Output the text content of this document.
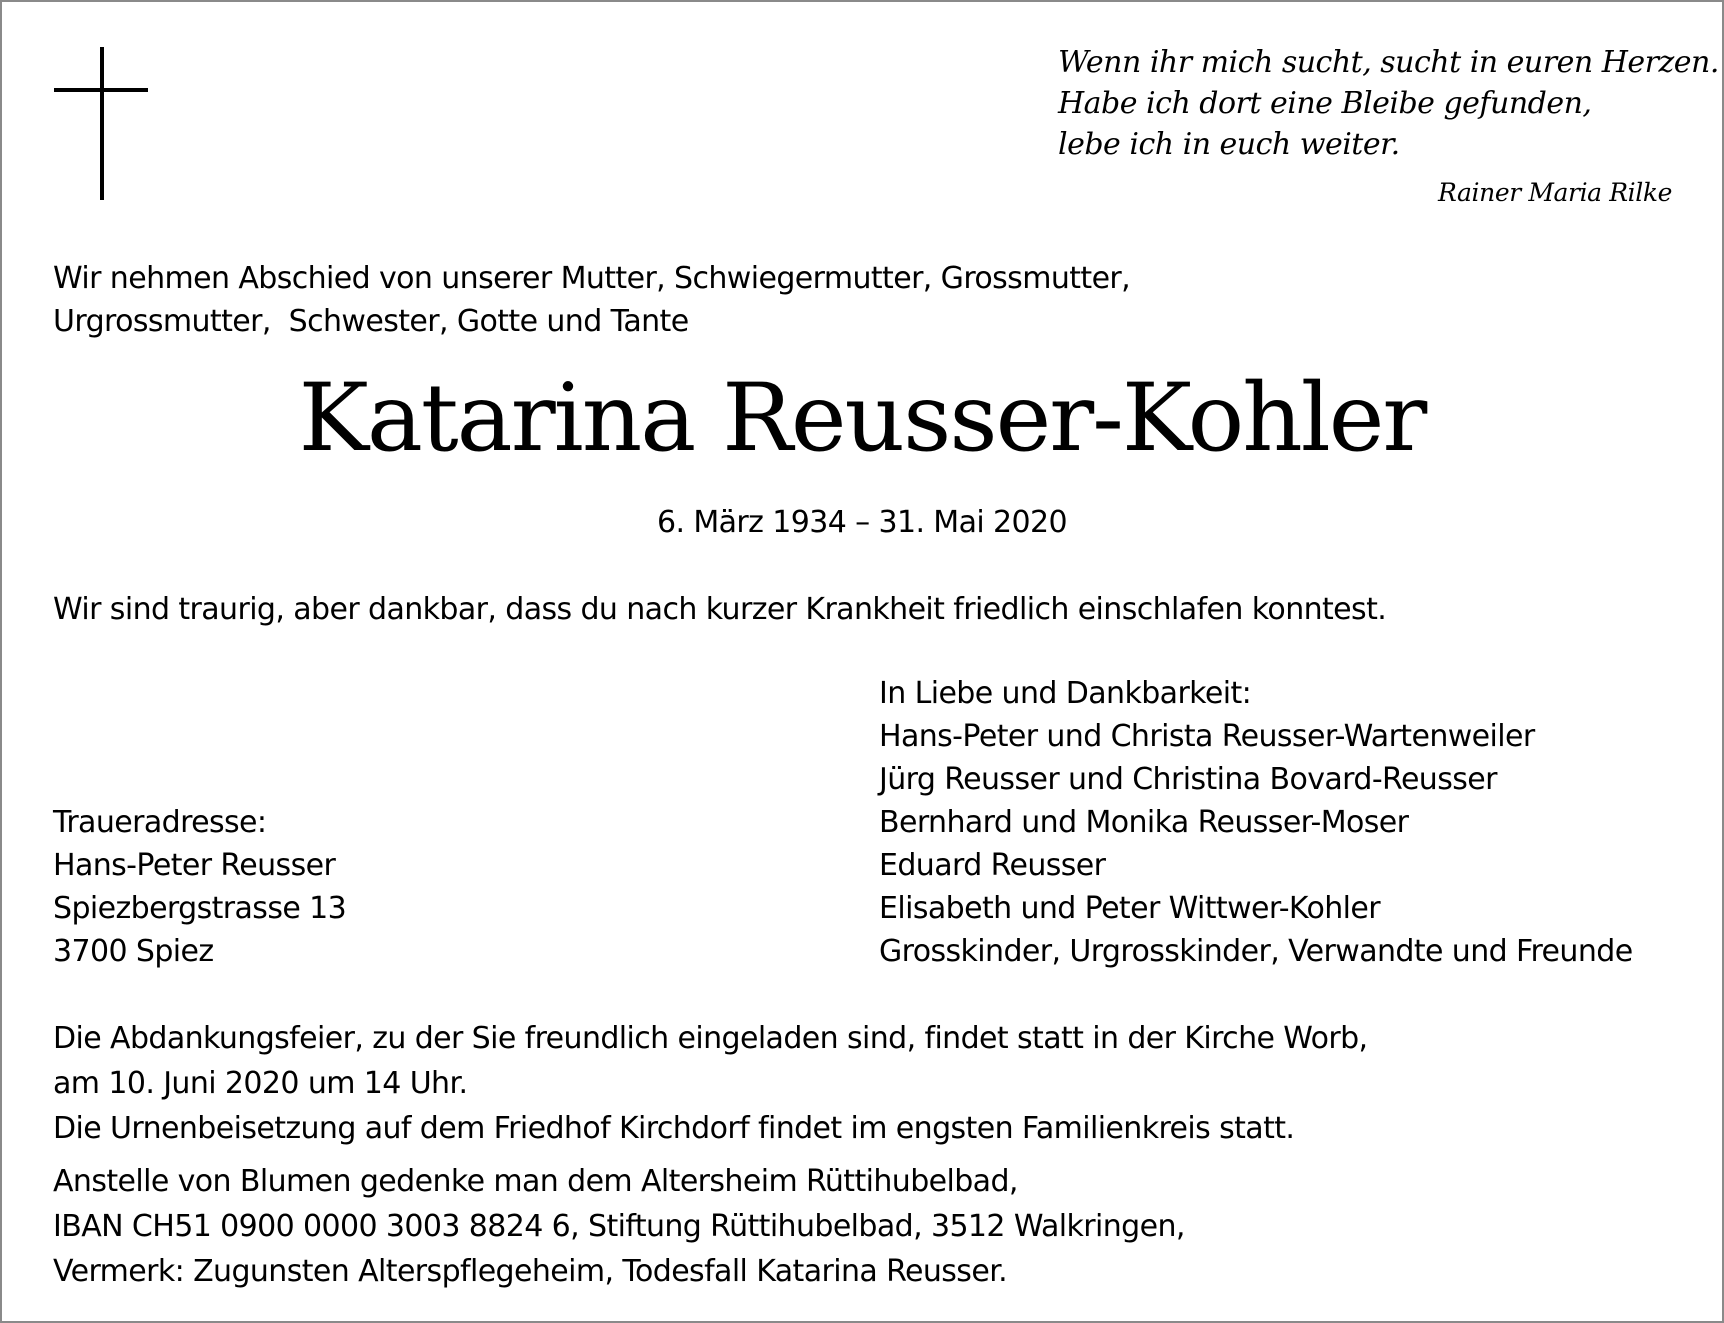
Wenn ihr mich sucht, sucht in euren Herzen.
Habe ich dort eine Bleibe gefunden,
lebe ich in euch weiter.
Rainer Maria Rilke
Wir nehmen Abschied von unserer Mutter, Schwiegermutter, Grossmutter,
Urgrossmutter,  Schwester, Gotte und Tante
Katarina Reusser-Kohler
6. März 1934 – 31. Mai 2020
Wir sind traurig, aber dankbar, dass du nach kurzer Krankheit friedlich einschlafen konntest.
In Liebe und Dankbarkeit:
Hans-Peter und Christa Reusser-Wartenweiler
Jürg Reusser und Christina Bovard-Reusser
Bernhard und Monika Reusser-Moser
Eduard Reusser
Elisabeth und Peter Wittwer-Kohler
Grosskinder, Urgrosskinder, Verwandte und Freunde
Traueradresse:
Hans-Peter Reusser
Spiezbergstrasse 13
3700 Spiez
Die Abdankungsfeier, zu der Sie freundlich eingeladen sind, findet statt in der Kirche Worb,
am 10. Juni 2020 um 14 Uhr.
Die Urnenbeisetzung auf dem Friedhof Kirchdorf findet im engsten Familienkreis statt.
Anstelle von Blumen gedenke man dem Altersheim Rüttihubelbad,
IBAN CH51 0900 0000 3003 8824 6, Stiftung Rüttihubelbad, 3512 Walkringen,
Vermerk: Zugunsten Alterspflegeheim, Todesfall Katarina Reusser.
